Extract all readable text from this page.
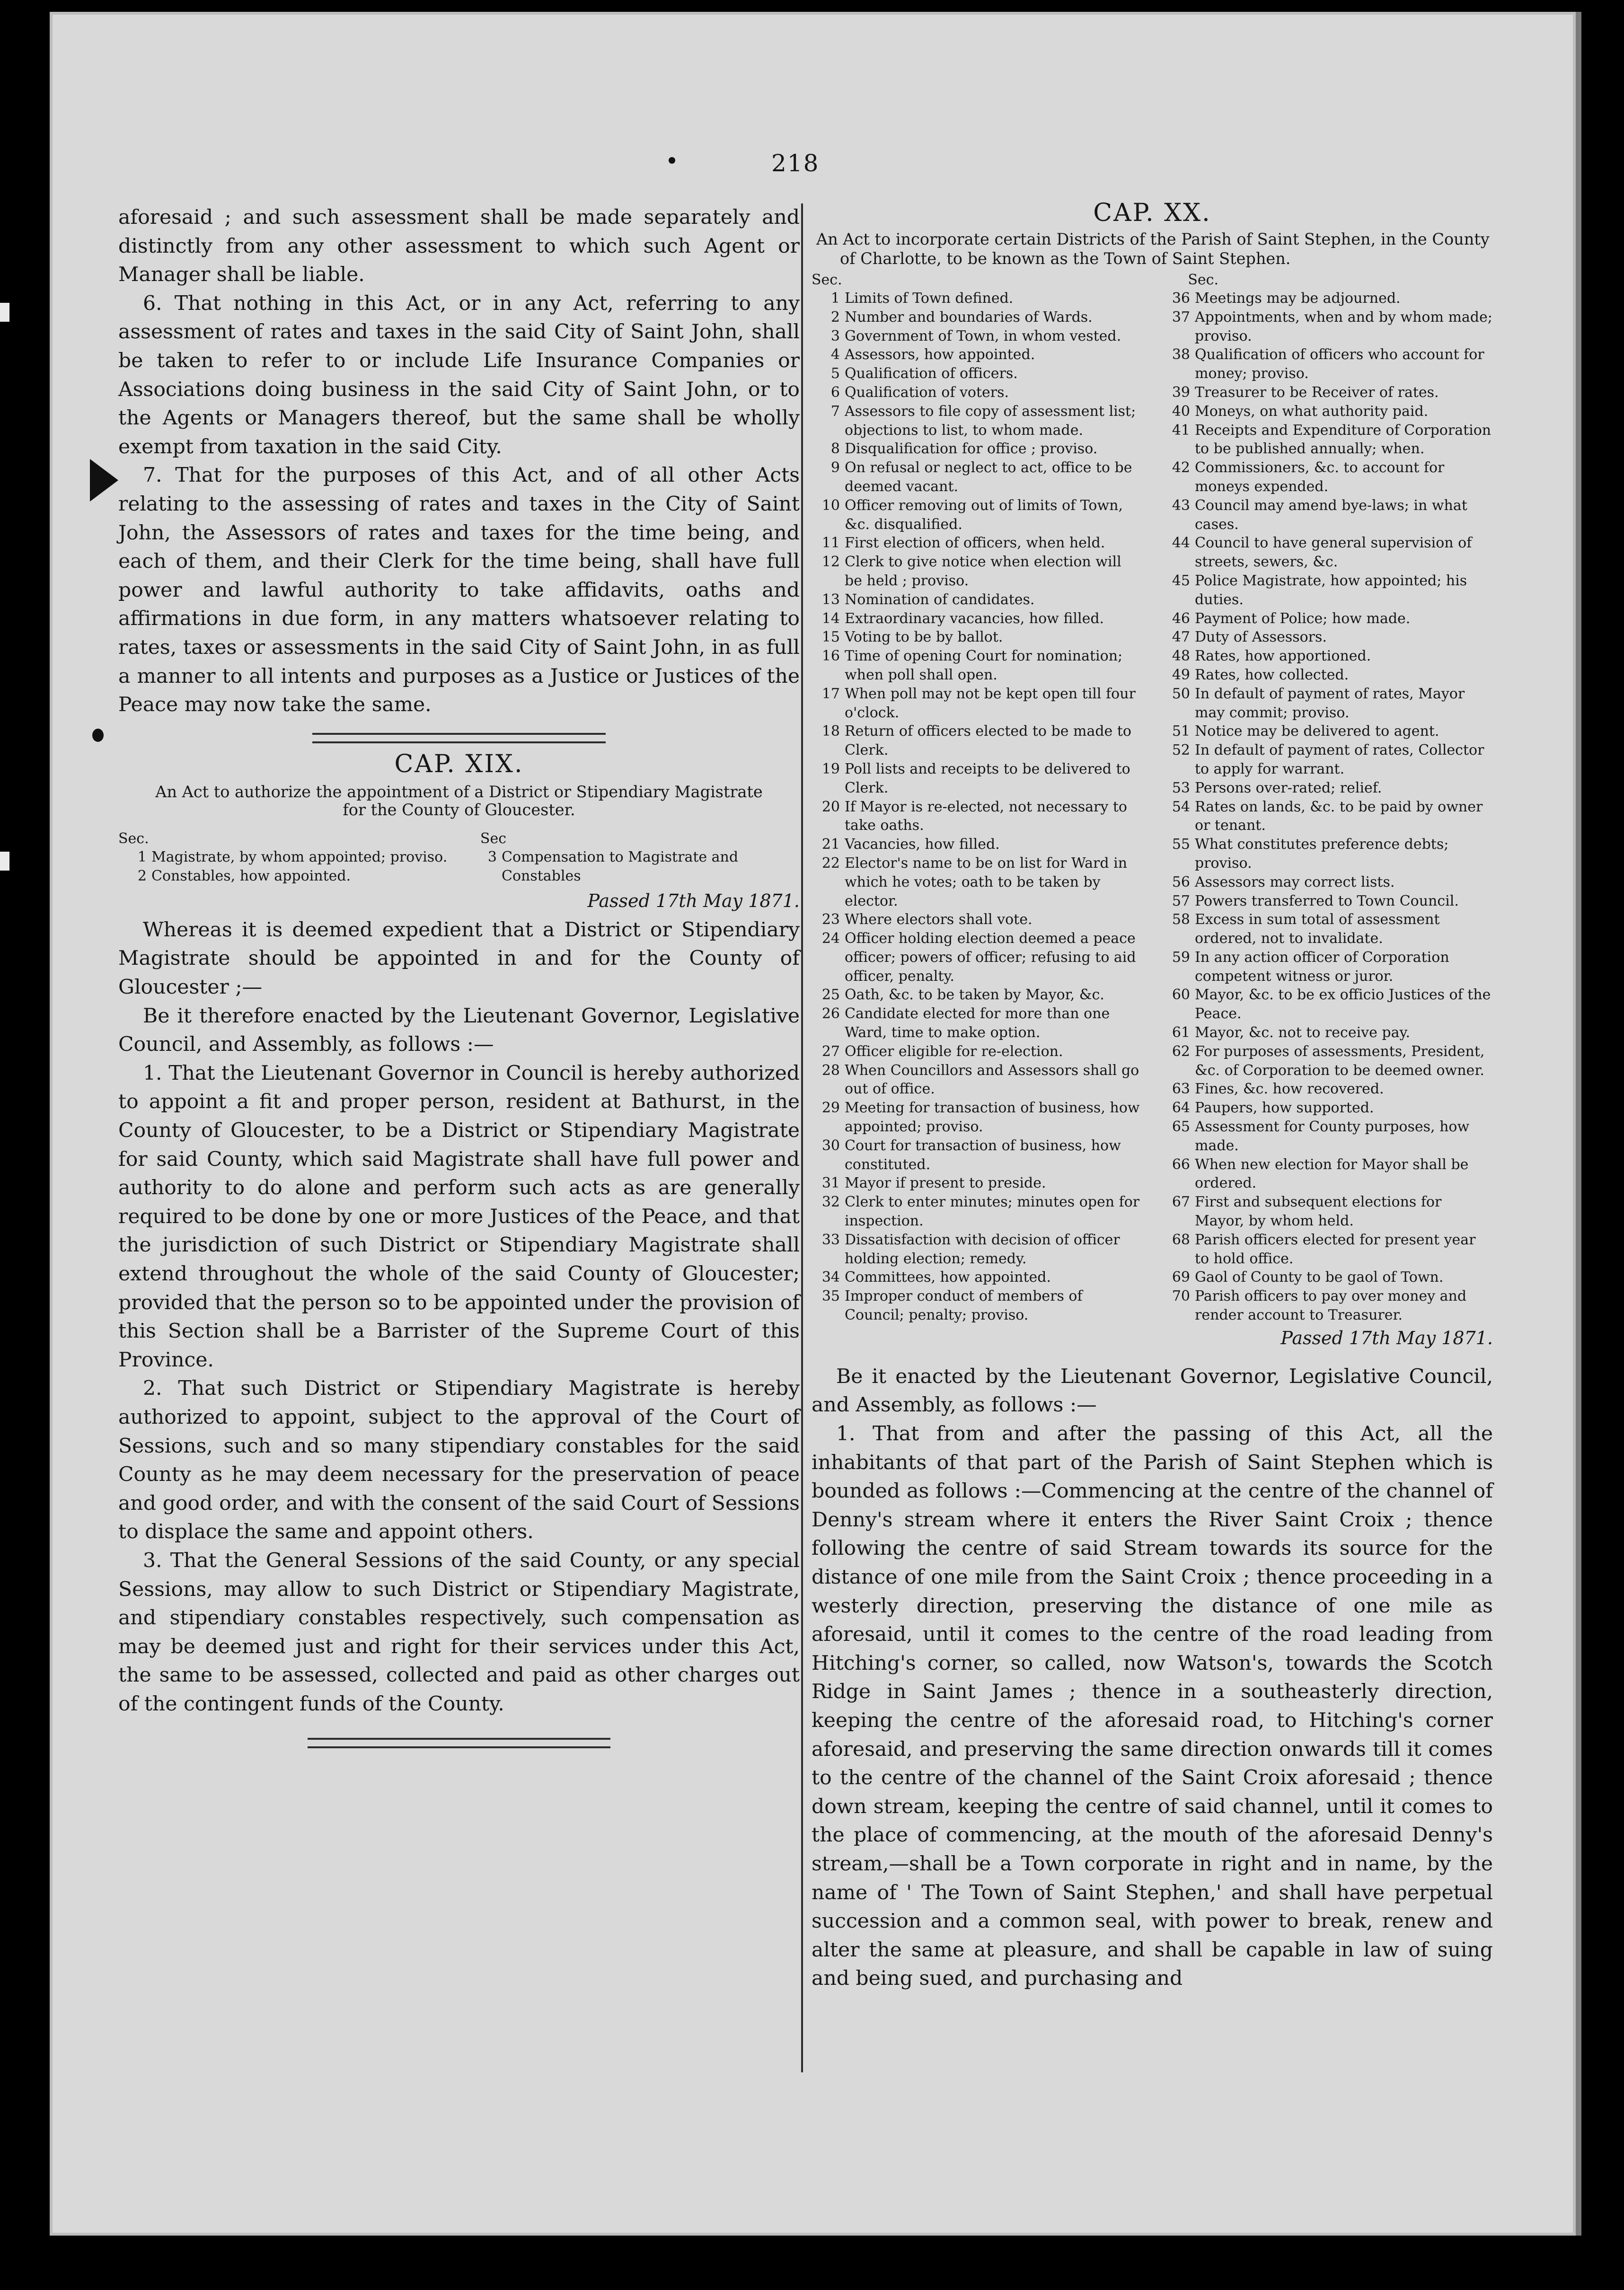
218

aforesaid ; and such assessment shall be made separately and distinctly from any other assessment to which such Agent or Manager shall be liable.

6. That nothing in this Act, or in any Act, referring to any assessment of rates and taxes in the said City of Saint John, shall be taken to refer to or include Life Insurance Companies or Associations doing business in the said City of Saint John, or to the Agents or Managers thereof, but the same shall be wholly exempt from taxation in the said City.

7. That for the purposes of this Act, and of all other Acts relating to the assessing of rates and taxes in the City of Saint John, the Assessors of rates and taxes for the time being, and each of them, and their Clerk for the time being, shall have full power and lawful authority to take affidavits, oaths and affirmations in due form, in any matters whatsoever relating to rates, taxes or assessments in the said City of Saint John, in as full a manner to all intents and purposes as a Justice or Justices of the Peace may now take the same.

CAP. XIX.

An Act to authorize the appointment of a District or Stipendiary Magistrate for the County of Gloucester.

Sec.	Sec
1 Magistrate, by whom appointed; proviso.
2 Constables, how appointed.
3 Compensation to Magistrate and Constables

Passed 17th May 1871.

Whereas it is deemed expedient that a District or Stipendiary Magistrate should be appointed in and for the County of Gloucester ;—

Be it therefore enacted by the Lieutenant Governor, Legislative Council, and Assembly, as follows :—

1. That the Lieutenant Governor in Council is hereby authorized to appoint a fit and proper person, resident at Bathurst, in the County of Gloucester, to be a District or Stipendiary Magistrate for said County, which said Magistrate shall have full power and authority to do alone and perform such acts as are generally required to be done by one or more Justices of the Peace, and that the jurisdiction of such District or Stipendiary Magistrate shall extend throughout the whole of the said County of Gloucester; provided that the person so to be appointed under the provision of this Section shall be a Barrister of the Supreme Court of this Province.

2. That such District or Stipendiary Magistrate is hereby authorized to appoint, subject to the approval of the Court of Sessions, such and so many stipendiary constables for the said County as he may deem necessary for the preservation of peace and good order, and with the consent of the said Court of Sessions to displace the same and appoint others.

3. That the General Sessions of the said County, or any special Sessions, may allow to such District or Stipendiary Magistrate, and stipendiary constables respectively, such compensation as may be deemed just and right for their services under this Act, the same to be assessed, collected and paid as other charges out of the contingent funds of the County.

CAP. XX.

An Act to incorporate certain Districts of the Parish of Saint Stephen, in the County of Charlotte, to be known as the Town of Saint Stephen.

Sec.	Sec.
1 Limits of Town defined.
2 Number and boundaries of Wards.
3 Government of Town, in whom vested.
4 Assessors, how appointed.
5 Qualification of officers.
6 Qualification of voters.
7 Assessors to file copy of assessment list; objections to list, to whom made.
8 Disqualification for office ; proviso.
9 On refusal or neglect to act, office to be deemed vacant.
10 Officer removing out of limits of Town, &c. disqualified.
11 First election of officers, when held.
12 Clerk to give notice when election will be held ; proviso.
13 Nomination of candidates.
14 Extraordinary vacancies, how filled.
15 Voting to be by ballot.
16 Time of opening Court for nomination; when poll shall open.
17 When poll may not be kept open till four o'clock.
18 Return of officers elected to be made to Clerk.
19 Poll lists and receipts to be delivered to Clerk.
20 If Mayor is re-elected, not necessary to take oaths.
21 Vacancies, how filled.
22 Elector's name to be on list for Ward in which he votes; oath to be taken by elector.
23 Where electors shall vote.
24 Officer holding election deemed a peace officer; powers of officer; refusing to aid officer, penalty.
25 Oath, &c. to be taken by Mayor, &c.
26 Candidate elected for more than one Ward, time to make option.
27 Officer eligible for re-election.
28 When Councillors and Assessors shall go out of office.
29 Meeting for transaction of business, how appointed; proviso.
30 Court for transaction of business, how constituted.
31 Mayor if present to preside.
32 Clerk to enter minutes; minutes open for inspection.
33 Dissatisfaction with decision of officer holding election; remedy.
34 Committees, how appointed.
35 Improper conduct of members of Council; penalty; proviso.
36 Meetings may be adjourned.
37 Appointments, when and by whom made; proviso.
38 Qualification of officers who account for money; proviso.
39 Treasurer to be Receiver of rates.
40 Moneys, on what authority paid.
41 Receipts and Expenditure of Corporation to be published annually; when.
42 Commissioners, &c. to account for moneys expended.
43 Council may amend bye-laws; in what cases.
44 Council to have general supervision of streets, sewers, &c.
45 Police Magistrate, how appointed; his duties.
46 Payment of Police; how made.
47 Duty of Assessors.
48 Rates, how apportioned.
49 Rates, how collected.
50 In default of payment of rates, Mayor may commit; proviso.
51 Notice may be delivered to agent.
52 In default of payment of rates, Collector to apply for warrant.
53 Persons over-rated; relief.
54 Rates on lands, &c. to be paid by owner or tenant.
55 What constitutes preference debts; proviso.
56 Assessors may correct lists.
57 Powers transferred to Town Council.
58 Excess in sum total of assessment ordered, not to invalidate.
59 In any action officer of Corporation competent witness or juror.
60 Mayor, &c. to be ex officio Justices of the Peace.
61 Mayor, &c. not to receive pay.
62 For purposes of assessments, President, &c. of Corporation to be deemed owner.
63 Fines, &c. how recovered.
64 Paupers, how supported.
65 Assessment for County purposes, how made.
66 When new election for Mayor shall be ordered.
67 First and subsequent elections for Mayor, by whom held.
68 Parish officers elected for present year to hold office.
69 Gaol of County to be gaol of Town.
70 Parish officers to pay over money and render account to Treasurer.

Passed 17th May 1871.

Be it enacted by the Lieutenant Governor, Legislative Council, and Assembly, as follows :—

1. That from and after the passing of this Act, all the inhabitants of that part of the Parish of Saint Stephen which is bounded as follows :—Commencing at the centre of the channel of Denny's stream where it enters the River Saint Croix ; thence following the centre of said Stream towards its source for the distance of one mile from the Saint Croix ; thence proceeding in a westerly direction, preserving the distance of one mile as aforesaid, until it comes to the centre of the road leading from Hitching's corner, so called, now Watson's, towards the Scotch Ridge in Saint James ; thence in a southeasterly direction, keeping the centre of the aforesaid road, to Hitching's corner aforesaid, and preserving the same direction onwards till it comes to the centre of the channel of the Saint Croix aforesaid ; thence down stream, keeping the centre of said channel, until it comes to the place of commencing, at the mouth of the aforesaid Denny's stream,—shall be a Town corporate in right and in name, by the name of ' The Town of Saint Stephen,' and shall have perpetual succession and a common seal, with power to break, renew and alter the same at pleasure, and shall be capable in law of suing and being sued, and purchasing and
